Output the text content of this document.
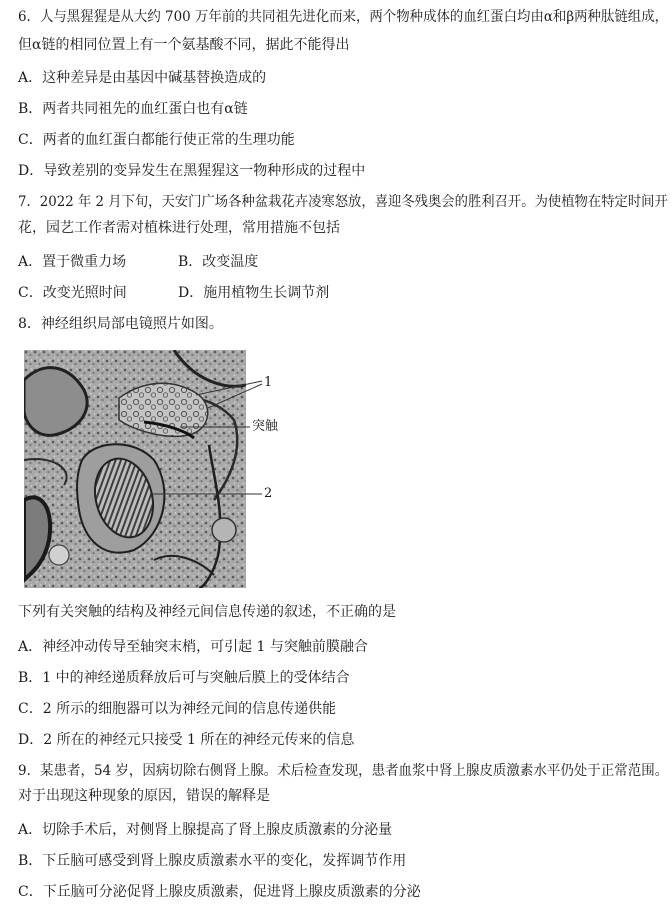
6．人与黑猩猩是从大约 700 万年前的共同祖先进化而来，两个物种成体的血红蛋白均由α和β两种肽链组成，
但α链的相同位置上有一个氨基酸不同，据此不能得出
A．这种差异是由基因中碱基替换造成的
B．两者共同祖先的血红蛋白也有α链
C．两者的血红蛋白都能行使正常的生理功能
D．导致差别的变异发生在黑猩猩这一物种形成的过程中
7．2022 年 2 月下旬，天安门广场各种盆栽花卉凌寒怒放，喜迎冬残奥会的胜利召开。为使植物在特定时间开
花，园艺工作者需对植株进行处理，常用措施不包括
A．置于微重力场	B．改变温度
C．改变光照时间	D．施用植物生长调节剂
8．神经组织局部电镜照片如图。
1
突触
2
下列有关突触的结构及神经元间信息传递的叙述，不正确的是
A．神经冲动传导至轴突末梢，可引起 1 与突触前膜融合
B．1 中的神经递质释放后可与突触后膜上的受体结合
C．2 所示的细胞器可以为神经元间的信息传递供能
D．2 所在的神经元只接受 1 所在的神经元传来的信息
9．某患者，54 岁，因病切除右侧肾上腺。术后检查发现，患者血浆中肾上腺皮质激素水平仍处于正常范围。
对于出现这种现象的原因，错误的解释是
A．切除手术后，对侧肾上腺提高了肾上腺皮质激素的分泌量
B．下丘脑可感受到肾上腺皮质激素水平的变化，发挥调节作用
C．下丘脑可分泌促肾上腺皮质激素，促进肾上腺皮质激素的分泌
